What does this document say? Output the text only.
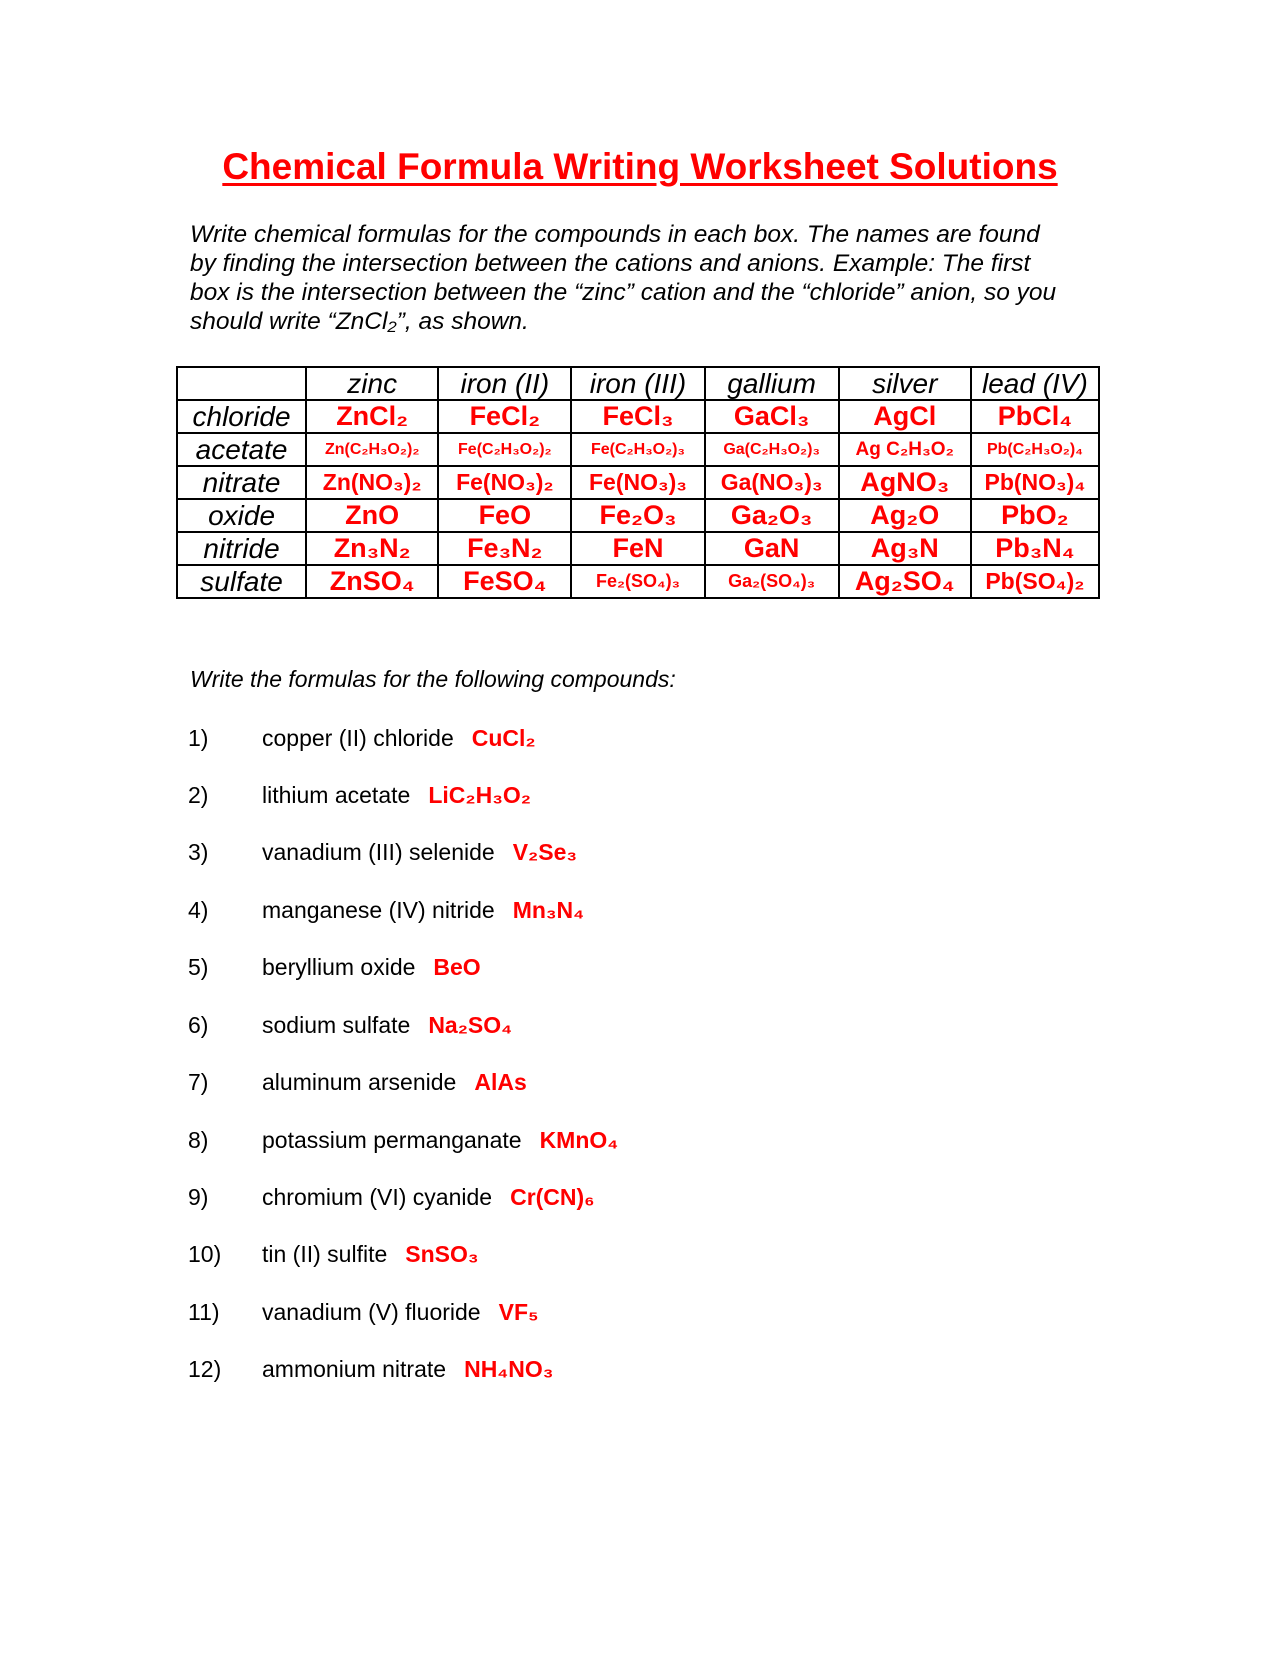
Chemical Formula Writing Worksheet Solutions

Write chemical formulas for the compounds in each box. The names are found

by finding the intersection between the cations and anions. Example: The first

box is the intersection between the “zinc” cation and the “chloride” anion, so you

should write “ZnCl₂”, as shown.

	zinc	iron (II)	iron (III)	gallium	silver	lead (IV)
chloride	ZnCl₂	FeCl₂	FeCl₃	GaCl₃	AgCl	PbCl₄
acetate	Zn(C₂H₃O₂)₂	Fe(C₂H₃O₂)₂	Fe(C₂H₃O₂)₃	Ga(C₂H₃O₂)₃	Ag C₂H₃O₂	Pb(C₂H₃O₂)₄
nitrate	Zn(NO₃)₂	Fe(NO₃)₂	Fe(NO₃)₃	Ga(NO₃)₃	AgNO₃	Pb(NO₃)₄
oxide	ZnO	FeO	Fe₂O₃	Ga₂O₃	Ag₂O	PbO₂
nitride	Zn₃N₂	Fe₃N₂	FeN	GaN	Ag₃N	Pb₃N₄
sulfate	ZnSO₄	FeSO₄	Fe₂(SO₄)₃	Ga₂(SO₄)₃	Ag₂SO₄	Pb(SO₄)₂
Write the formulas for the following compounds:
1) copper (II) chloride CuCl₂
2) lithium acetate LiC₂H₃O₂
3) vanadium (III) selenide V₂Se₃
4) manganese (IV) nitride Mn₃N₄
5) beryllium oxide BeO
6) sodium sulfate Na₂SO₄
7) aluminum arsenide AlAs
8) potassium permanganate KMnO₄
9) chromium (VI) cyanide Cr(CN)₆
10) tin (II) sulfite SnSO₃
11) vanadium (V) fluoride VF₅
12) ammonium nitrate NH₄NO₃
